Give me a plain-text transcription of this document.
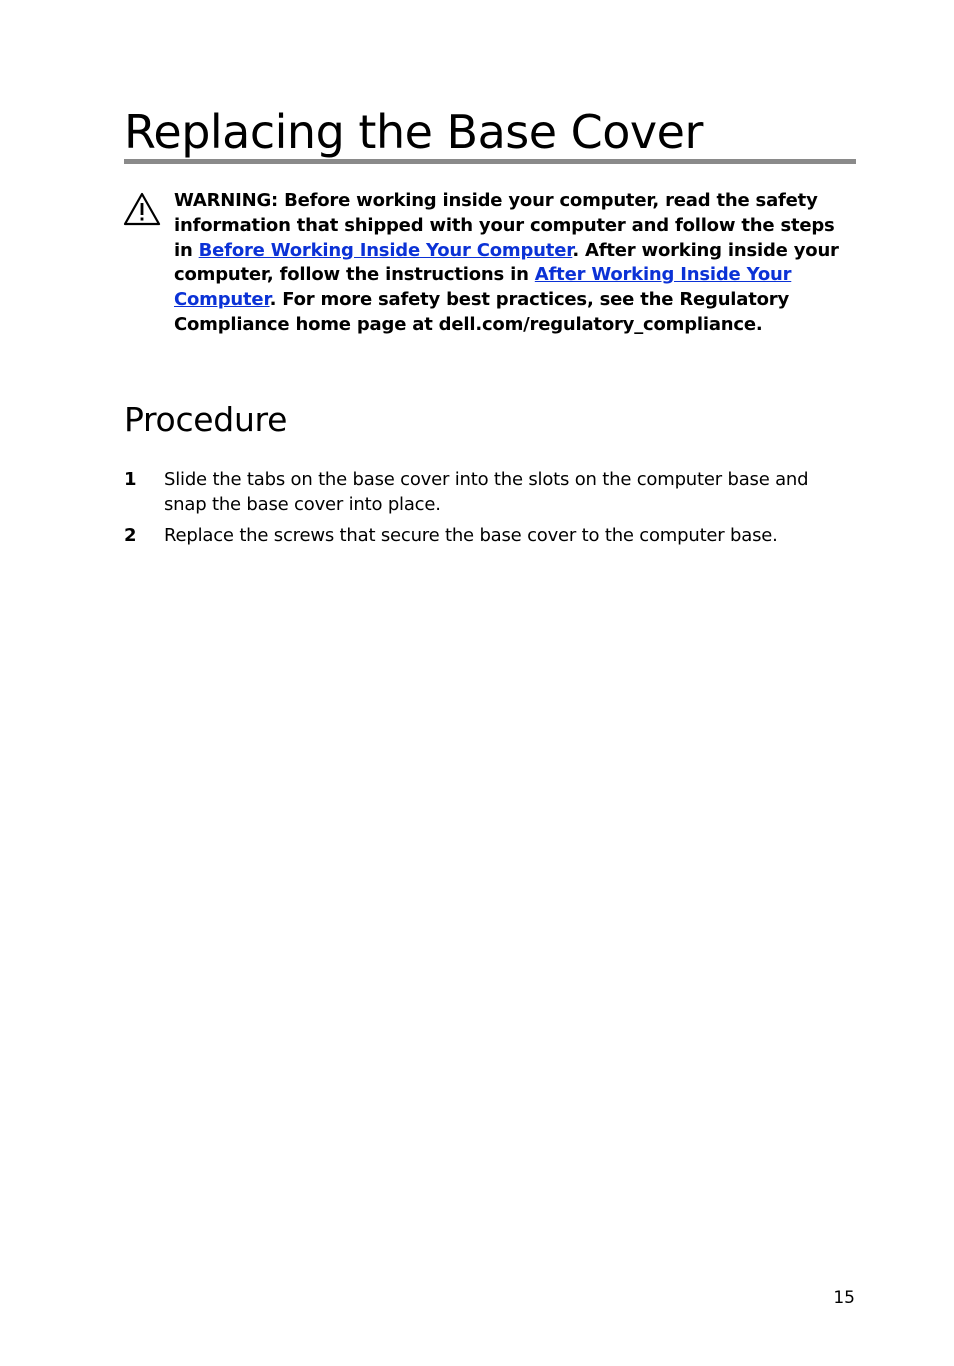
Replacing the Base Cover

WARNING: Before working inside your computer, read the safety information that shipped with your computer and follow the steps in Before Working Inside Your Computer. After working inside your computer, follow the instructions in After Working Inside Your Computer. For more safety best practices, see the Regulatory Compliance home page at dell.com/regulatory_compliance.

Procedure
1 Slide the tabs on the base cover into the slots on the computer base and snap the base cover into place.
2 Replace the screws that secure the base cover to the computer base.
15
